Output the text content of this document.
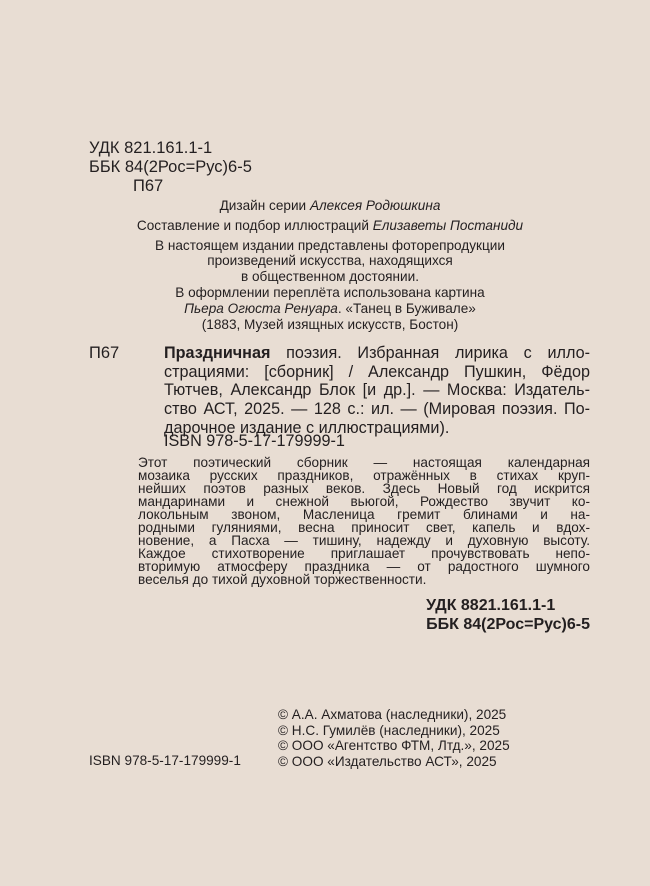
УДК 821.161.1-1
ББК 84(2Рос=Рус)6-5
П67
Дизайн серии Алексея Родюшкина
Составление и подбор иллюстраций Елизаветы Постаниди
В настоящем издании представлены фоторепродукции
произведений искусства, находящихся
в общественном достоянии.
В оформлении переплёта использована картина
Пьера Огюста Ренуара. «Танец в Буживале»
(1883, Музей изящных искусств, Бостон)
П67	Праздничная поэзия. Избранная лирика с илло-

страциями: [сборник] / Александр Пушкин, Фёдор

Тютчев, Александр Блок [и др.]. — Москва: Издатель-

ство АСТ, 2025. — 128 с.: ил. — (Мировая поэзия. По-

дарочное издание с иллюстрациями).

ISBN 978-5-17-179999-1

Этот поэтический сборник — настоящая календарная

мозаика русских праздников, отражённых в стихах круп-

нейших поэтов разных веков. Здесь Новый год искрится

мандаринами и снежной вьюгой, Рождество звучит ко-

локольным звоном, Масленица гремит блинами и на-

родными гуляниями, весна приносит свет, капель и вдох-

новение, а Пасха — тишину, надежду и духовную высоту.

Каждое стихотворение приглашает прочувствовать непо-

вторимую атмосферу праздника — от радостного шумного

веселья до тихой духовной торжественности.

УДК 8821.161.1-1
ББК 84(2Рос=Рус)6-5
© А.А. Ахматова (наследники), 2025
© Н.С. Гумилёв (наследники), 2025
© ООО «Агентство ФТМ, Лтд.», 2025
© ООО «Издательство АСТ», 2025
ISBN 978-5-17-179999-1
